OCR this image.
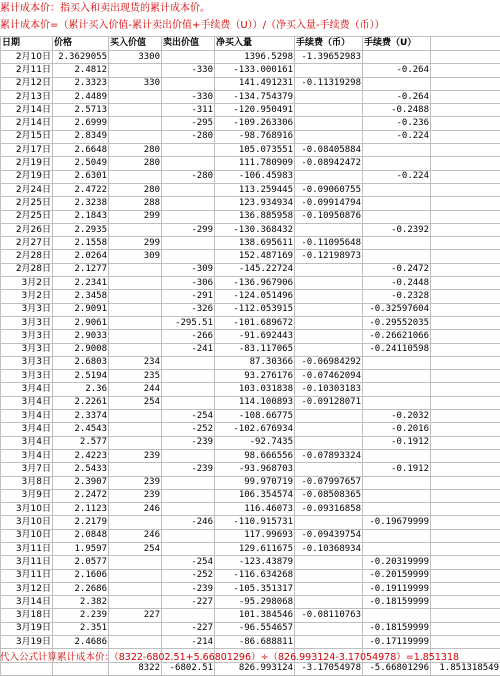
累计成本价：指买入和卖出现货的累计成本价。
累计成本价=（累计买入价值-累计卖出价值+手续费（U））/（净买入量-手续费（币））
日期	价格	买入价值	卖出价值	净买入量	手续费（币）	手续费（U）	
2月10日	2.3629055	3300		1396.5298	-1.39652983		
2月11日	2.4812		-330	-133.000161		-0.264	
2月12日	2.3323	330		141.491231	-0.11319298		
2月13日	2.4489		-330	-134.754379		-0.264	
2月14日	2.5713		-311	-120.950491		-0.2488	
2月14日	2.6999		-295	-109.263306		-0.236	
2月15日	2.8349		-280	-98.768916		-0.224	
2月17日	2.6648	280		105.073551	-0.08405884		
2月19日	2.5049	280		111.780909	-0.08942472		
2月19日	2.6301		-280	-106.45983		-0.224	
2月24日	2.4722	280		113.259445	-0.09060755		
2月25日	2.3238	288		123.934934	-0.09914794		
2月25日	2.1843	299		136.885958	-0.10950876		
2月26日	2.2935		-299	-130.368432		-0.2392	
2月27日	2.1558	299		138.695611	-0.11095648		
2月28日	2.0264	309		152.487169	-0.12198973		
2月28日	2.1277		-309	-145.22724		-0.2472	
3月2日	2.2341		-306	-136.967906		-0.2448	
3月2日	2.3458		-291	-124.051496		-0.2328	
3月3日	2.9091		-326	-112.053915		-0.32597604	
3月3日	2.9061		-295.51	-101.689672		-0.29552035	
3月3日	2.9033		-266	-91.692443		-0.26621066	
3月3日	2.9008		-241	-83.117065		-0.24110598	
3月3日	2.6803	234		87.30366	-0.06984292		
3月3日	2.5194	235		93.276176	-0.07462094		
3月4日	2.36	244		103.031838	-0.10303183		
3月4日	2.2261	254		114.100893	-0.09128071		
3月4日	2.3374		-254	-108.66775		-0.2032	
3月4日	2.4543		-252	-102.676934		-0.2016	
3月4日	2.577		-239	-92.7435		-0.1912	
3月4日	2.4223	239		98.666556	-0.07893324		
3月7日	2.5433		-239	-93.968703		-0.1912	
3月8日	2.3907	239		99.970719	-0.07997657		
3月9日	2.2472	239		106.354574	-0.08508365		
3月10日	2.1123	246		116.46073	-0.09316858		
3月10日	2.2179		-246	-110.915731		-0.19679999	
3月10日	2.0848	246		117.99693	-0.09439754		
3月11日	1.9597	254		129.611675	-0.10368934		
3月11日	2.0577		-254	-123.43879		-0.20319999	
3月11日	2.1606		-252	-116.634268		-0.20159999	
3月12日	2.2686		-239	-105.351317		-0.19119999	
3月14日	2.382		-227	-95.298068		-0.18159999	
3月18日	2.239	227		101.384546	-0.08110763		
3月19日	2.351		-227	-96.554657		-0.18159999	
3月19日	2.4686		-214	-86.688811		-0.17119999	

		8322	-6802.51	826.993124	-3.17054978	-5.66801296	1.851318549
代入公式计算累计成本价：（8322-6802.51+5.66801296）÷（826.993124-3.17054978）=1.851318
